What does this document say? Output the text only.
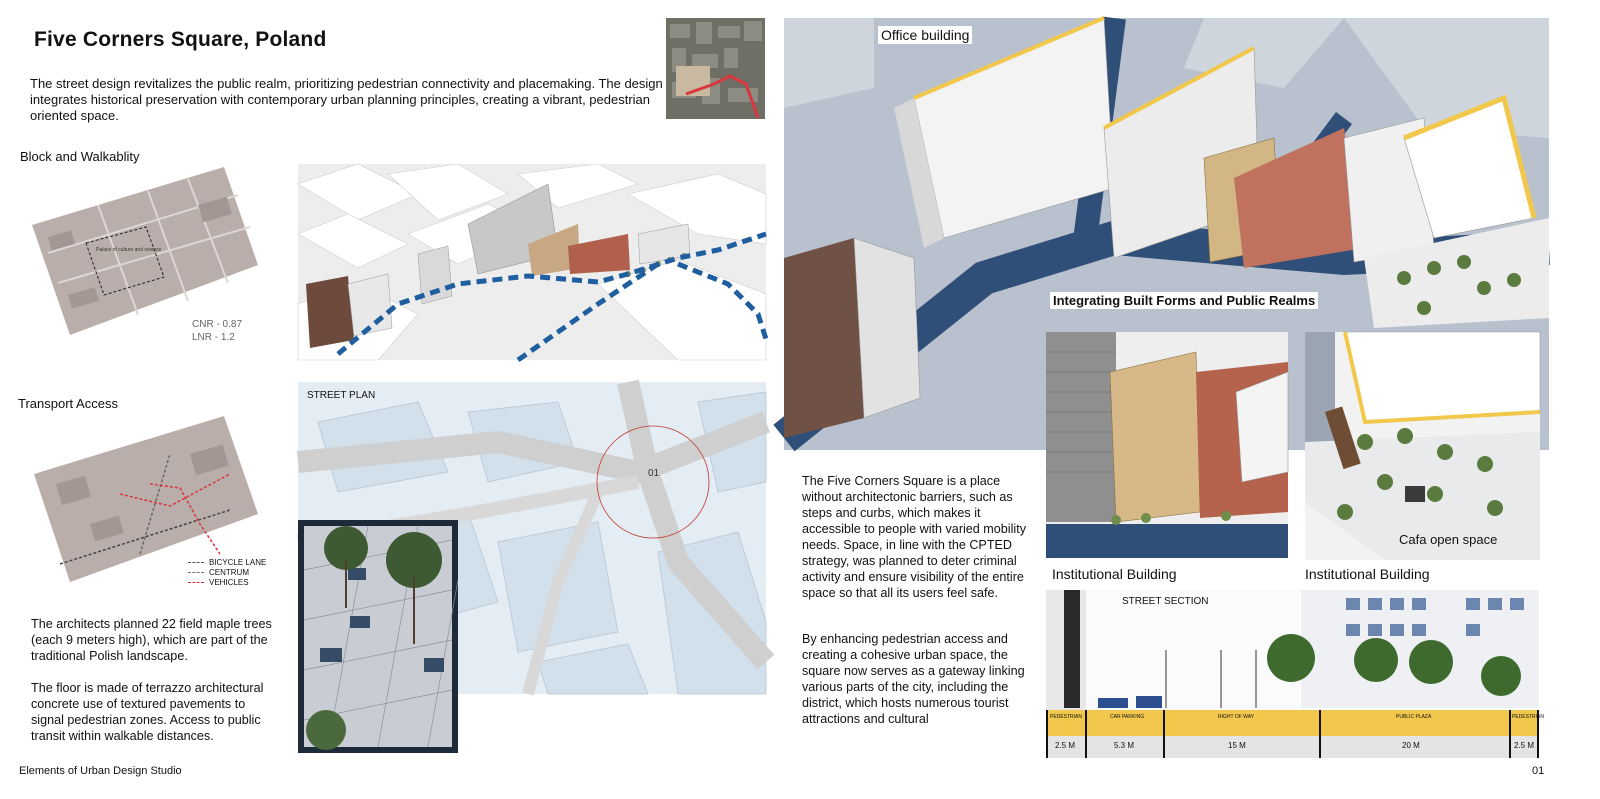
Five Corners Square, Poland
The street design revitalizes the public realm, prioritizing pedestrian connectivity and placemaking. The design integrates historical preservation with contemporary urban planning principles, creating a vibrant, pedestrian oriented space.
Block and Walkablity
Palace of culture and science
CNR - 0.87
LNR - 1.2
Transport Access
BICYCLE LANE
CENTRUM
VEHICLES
The architects planned 22 field maple trees (each 9 meters high), which are part of the traditional Polish landscape.
The floor is made of terrazzo architectural concrete use of textured pavements to signal pedestrian zones. Access to public transit within walkable distances.
01
STREET PLAN
Office building
Integrating Built Forms and Public Realms
The Five Corners Square is a place without architectonic barriers, such as steps and curbs, which makes it accessible to people with varied mobility needs. Space, in line with the CPTED strategy, was planned to deter criminal activity and ensure visibility of the entire space so that all its users feel safe.
By enhancing pedestrian access and creating a cohesive urban space, the square now serves as a gateway linking various parts of the city, including the district, which hosts numerous tourist attractions and cultural
Cafa open space
Institutional Building	Institutional Building
STREET SECTION
PEDESTRIAN	CAR PARKING	RIGHT OF WAY	PUBLIC PLAZA	PEDESTRIAN
2.5 M	5.3 M	15 M	20 M	2.5 M
Elements of Urban Design Studio	01
